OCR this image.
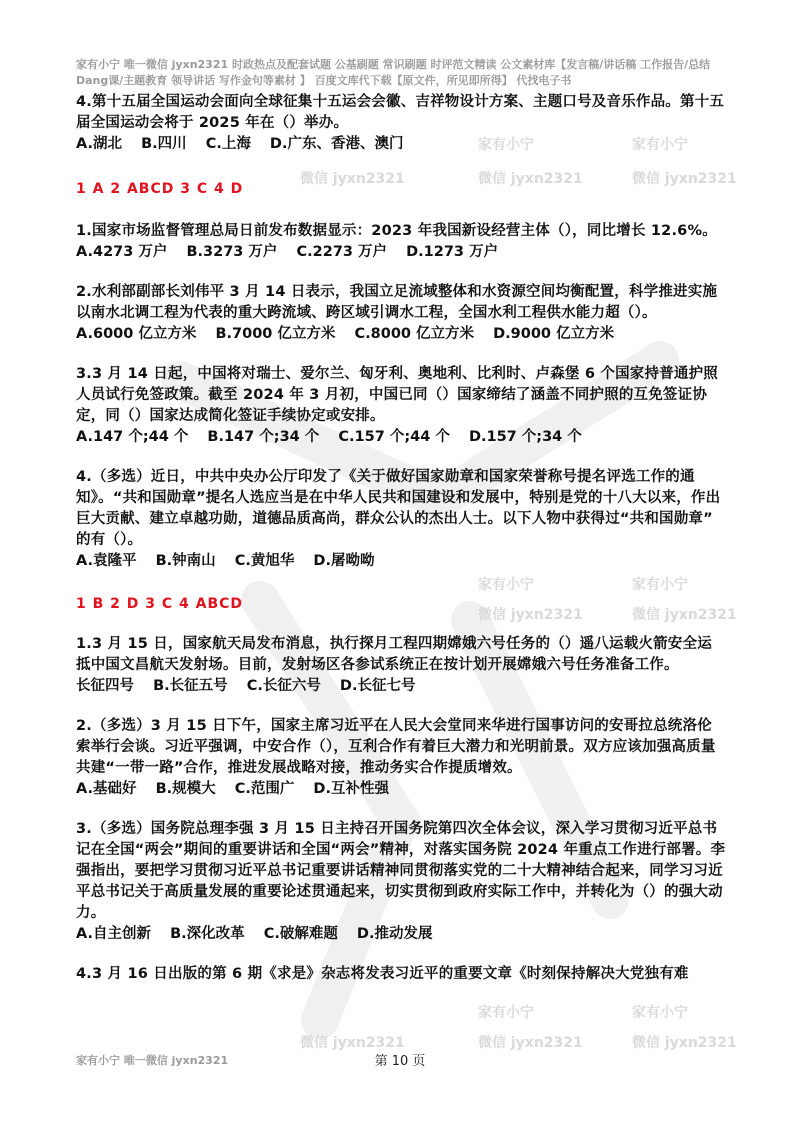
家有小宁 唯一微信 jyxn2321 时政热点及配套试题 公基刷题 常识刷题 时评范文精读 公文素材库【发言稿/讲话稿 工作报告/总结 Dang课/主题教育 领导讲话 写作金句等素材 】 百度文库代下载【原文件，所见即所得】 代找电子书
家有小宁	家有小宁
微信 jyxn2321	微信 jyxn2321	微信 jyxn2321
家有小宁	家有小宁
微信 jyxn2321	微信 jyxn2321
家有小宁	家有小宁
微信 jyxn2321	微信 jyxn2321	微信 jyxn2321

4.第十五届全国运动会面向全球征集十五运会会徽、吉祥物设计方案、主题口号及音乐作品。第十五届全国运动会将于 2025 年在（）举办。

A.湖北 B.四川 C.上海 D.广东、香港、澳门

1 A 2 ABCD 3 C 4 D

1.国家市场监督管理总局日前发布数据显示：2023 年我国新设经营主体（），同比增长 12.6%。

A.4273 万户 B.3273 万户 C.2273 万户 D.1273 万户

2.水利部副部长刘伟平 3 月 14 日表示，我国立足流域整体和水资源空间均衡配置，科学推进实施以南水北调工程为代表的重大跨流域、跨区域引调水工程，全国水利工程供水能力超（）。

A.6000 亿立方米 B.7000 亿立方米 C.8000 亿立方米 D.9000 亿立方米

3.3 月 14 日起，中国将对瑞士、爱尔兰、匈牙利、奥地利、比利时、卢森堡 6 个国家持普通护照人员试行免签政策。截至 2024 年 3 月初，中国已同（）国家缔结了涵盖不同护照的互免签证协定，同（）国家达成简化签证手续协定或安排。

A.147 个;44 个 B.147 个;34 个 C.157 个;44 个 D.157 个;34 个

4.（多选）近日，中共中央办公厅印发了《关于做好国家勋章和国家荣誉称号提名评选工作的通知》。“共和国勋章”提名人选应当是在中华人民共和国建设和发展中，特别是党的十八大以来，作出巨大贡献、建立卓越功勋，道德品质高尚，群众公认的杰出人士。以下人物中获得过“共和国勋章” 的有（）。

A.袁隆平 B.钟南山 C.黄旭华 D.屠呦呦

1 B 2 D 3 C 4 ABCD

1.3 月 15 日，国家航天局发布消息，执行探月工程四期嫦娥六号任务的（）遥八运载火箭安全运抵中国文昌航天发射场。目前，发射场区各参试系统正在按计划开展嫦娥六号任务准备工作。

长征四号 B.长征五号 C.长征六号 D.长征七号

2.（多选）3 月 15 日下午，国家主席习近平在人民大会堂同来华进行国事访问的安哥拉总统洛伦索举行会谈。习近平强调，中安合作（），互利合作有着巨大潜力和光明前景。双方应该加强高质量共建“一带一路”合作，推进发展战略对接，推动务实合作提质增效。

A.基础好 B.规模大 C.范围广 D.互补性强

3.（多选）国务院总理李强 3 月 15 日主持召开国务院第四次全体会议，深入学习贯彻习近平总书记在全国“两会”期间的重要讲话和全国“两会”精神，对落实国务院 2024 年重点工作进行部署。李强指出，要把学习贯彻习近平总书记重要讲话精神同贯彻落实党的二十大精神结合起来，同学习习近平总书记关于高质量发展的重要论述贯通起来，切实贯彻到政府实际工作中，并转化为（）的强大动力。

A.自主创新 B.深化改革 C.破解难题 D.推动发展

4.3 月 16 日出版的第 6 期《求是》杂志将发表习近平的重要文章《时刻保持解决大党独有难

家有小宁 唯一微信 jyxn2321	第 10 页
